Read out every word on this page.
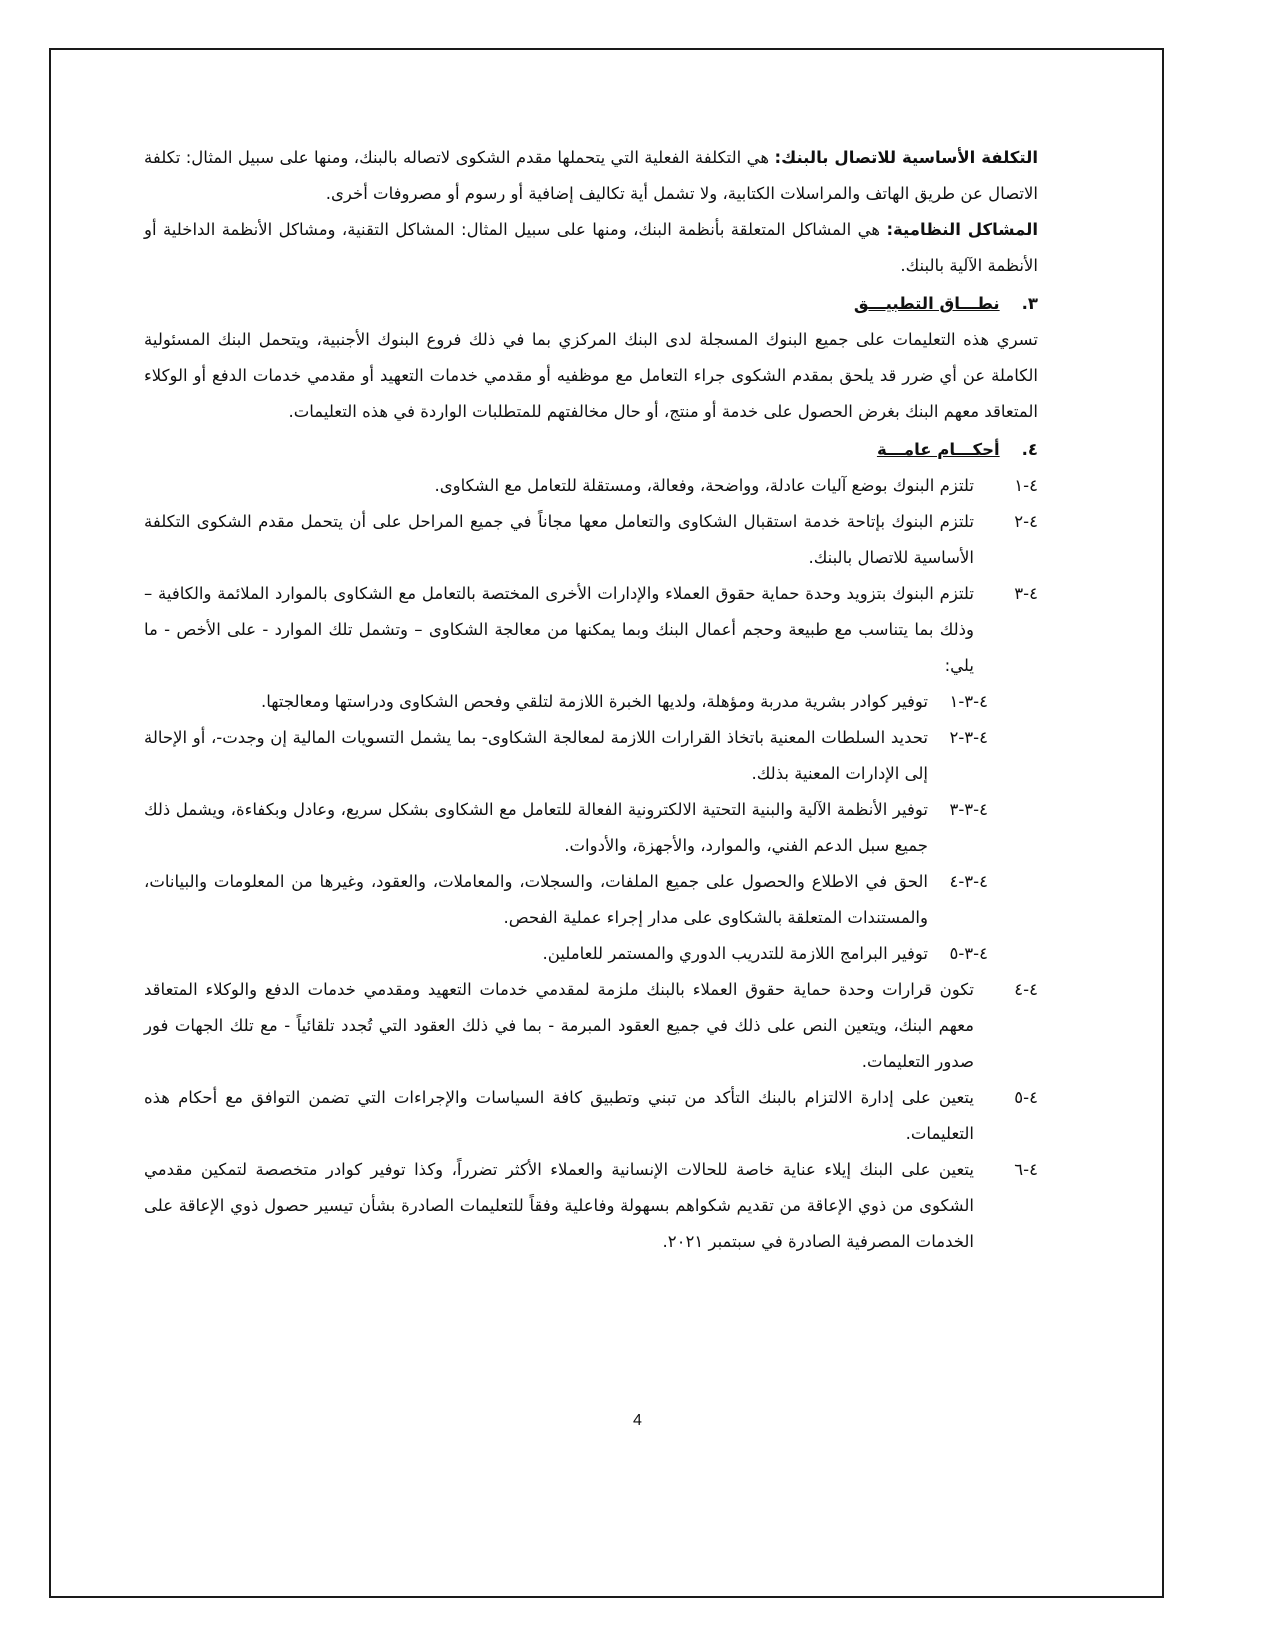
التكلفة الأساسية للاتصال بالبنك: هي التكلفة الفعلية التي يتحملها مقدم الشكوى لاتصاله بالبنك، ومنها على سبيل المثال: تكلفة الاتصال عن طريق الهاتف والمراسلات الكتابية، ولا تشمل أية تكاليف إضافية أو رسوم أو مصروفات أخرى.

المشاكل النظامية: هي المشاكل المتعلقة بأنظمة البنك، ومنها على سبيل المثال: المشاكل التقنية، ومشاكل الأنظمة الداخلية أو الأنظمة الآلية بالبنك.

٣.
نطـــاق التطبيـــق

تسري هذه التعليمات على جميع البنوك المسجلة لدى البنك المركزي بما في ذلك فروع البنوك الأجنبية، ويتحمل البنك المسئولية الكاملة عن أي ضرر قد يلحق بمقدم الشكوى جراء التعامل مع موظفيه أو مقدمي خدمات التعهيد أو مقدمي خدمات الدفع أو الوكلاء المتعاقد معهم البنك بغرض الحصول على خدمة أو منتج، أو حال مخالفتهم للمتطلبات الواردة في هذه التعليمات.

٤.
أحكـــام عامـــة
٤-١
تلتزم البنوك بوضع آليات عادلة، وواضحة، وفعالة، ومستقلة للتعامل مع الشكاوى.
٤-٢
تلتزم البنوك بإتاحة خدمة استقبال الشكاوى والتعامل معها مجاناً في جميع المراحل على أن يتحمل مقدم الشكوى التكلفة الأساسية للاتصال بالبنك.
٤-٣
تلتزم البنوك بتزويد وحدة حماية حقوق العملاء والإدارات الأخرى المختصة بالتعامل مع الشكاوى بالموارد الملائمة والكافية – وذلك بما يتناسب مع طبيعة وحجم أعمال البنك وبما يمكنها من معالجة الشكاوى – وتشمل تلك الموارد - على الأخص - ما يلي:
٤-٣-١
توفير كوادر بشرية مدربة ومؤهلة، ولديها الخبرة اللازمة لتلقي وفحص الشكاوى ودراستها ومعالجتها.
٤-٣-٢
تحديد السلطات المعنية باتخاذ القرارات اللازمة لمعالجة الشكاوى- بما يشمل التسويات المالية إن وجدت-، أو الإحالة إلى الإدارات المعنية بذلك.
٤-٣-٣
توفير الأنظمة الآلية والبنية التحتية الالكترونية الفعالة للتعامل مع الشكاوى بشكل سريع، وعادل وبكفاءة، ويشمل ذلك جميع سبل الدعم الفني، والموارد، والأجهزة، والأدوات.
٤-٣-٤
الحق في الاطلاع والحصول على جميع الملفات، والسجلات، والمعاملات، والعقود، وغيرها من المعلومات والبيانات، والمستندات المتعلقة بالشكاوى على مدار إجراء عملية الفحص.
٤-٣-٥
توفير البرامج اللازمة للتدريب الدوري والمستمر للعاملين.
٤-٤
تكون قرارات وحدة حماية حقوق العملاء بالبنك ملزمة لمقدمي خدمات التعهيد ومقدمي خدمات الدفع والوكلاء المتعاقد معهم البنك، ويتعين النص على ذلك في جميع العقود المبرمة - بما في ذلك العقود التي تُجدد تلقائياً - مع تلك الجهات فور صدور التعليمات.
٤-٥
يتعين على إدارة الالتزام بالبنك التأكد من تبني وتطبيق كافة السياسات والإجراءات التي تضمن التوافق مع أحكام هذه التعليمات.
٤-٦
يتعين على البنك إيلاء عناية خاصة للحالات الإنسانية والعملاء الأكثر تضرراً، وكذا توفير كوادر متخصصة لتمكين مقدمي الشكوى من ذوي الإعاقة من تقديم شكواهم بسهولة وفاعلية وفقاً للتعليمات الصادرة بشأن تيسير حصول ذوي الإعاقة على الخدمات المصرفية الصادرة في سبتمبر ٢٠٢١.
4
